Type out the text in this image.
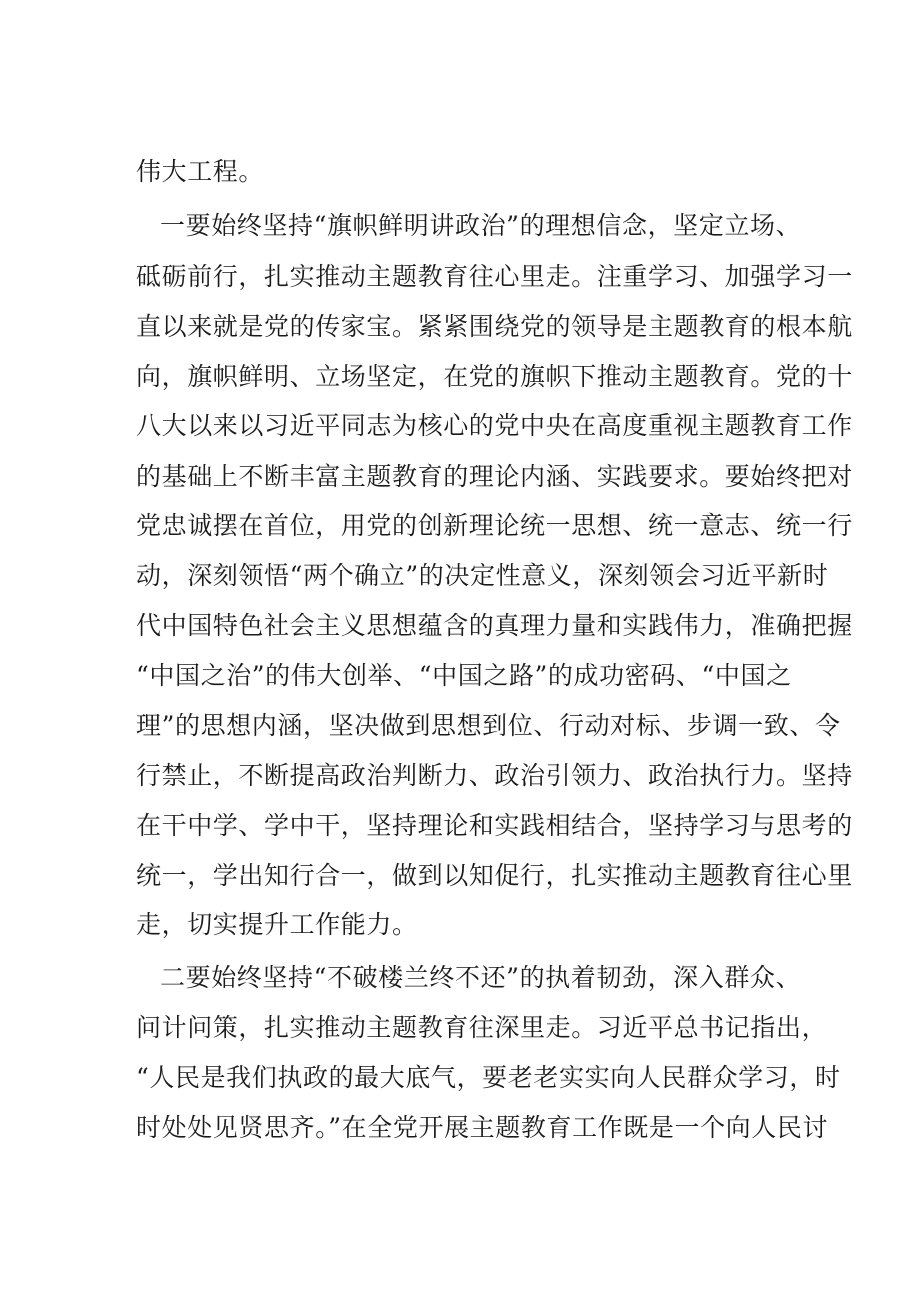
伟大工程。
一要始终坚持“旗帜鲜明讲政治”的理想信念，坚定立场、
砥砺前行，扎实推动主题教育往心里走。注重学习、加强学习一
直以来就是党的传家宝。紧紧围绕党的领导是主题教育的根本航
向，旗帜鲜明、立场坚定，在党的旗帜下推动主题教育。党的十
八大以来以习近平同志为核心的党中央在高度重视主题教育工作
的基础上不断丰富主题教育的理论内涵、实践要求。要始终把对
党忠诚摆在首位，用党的创新理论统一思想、统一意志、统一行
动，深刻领悟“两个确立”的决定性意义，深刻领会习近平新时
代中国特色社会主义思想蕴含的真理力量和实践伟力，准确把握
“中国之治”的伟大创举、“中国之路”的成功密码、“中国之
理”的思想内涵，坚决做到思想到位、行动对标、步调一致、令
行禁止，不断提高政治判断力、政治引领力、政治执行力。坚持
在干中学、学中干，坚持理论和实践相结合，坚持学习与思考的
统一，学出知行合一，做到以知促行，扎实推动主题教育往心里
走，切实提升工作能力。
二要始终坚持“不破楼兰终不还”的执着韧劲，深入群众、
问计问策，扎实推动主题教育往深里走。习近平总书记指出，
“人民是我们执政的最大底气，要老老实实向人民群众学习，时
时处处见贤思齐。”在全党开展主题教育工作既是一个向人民讨
